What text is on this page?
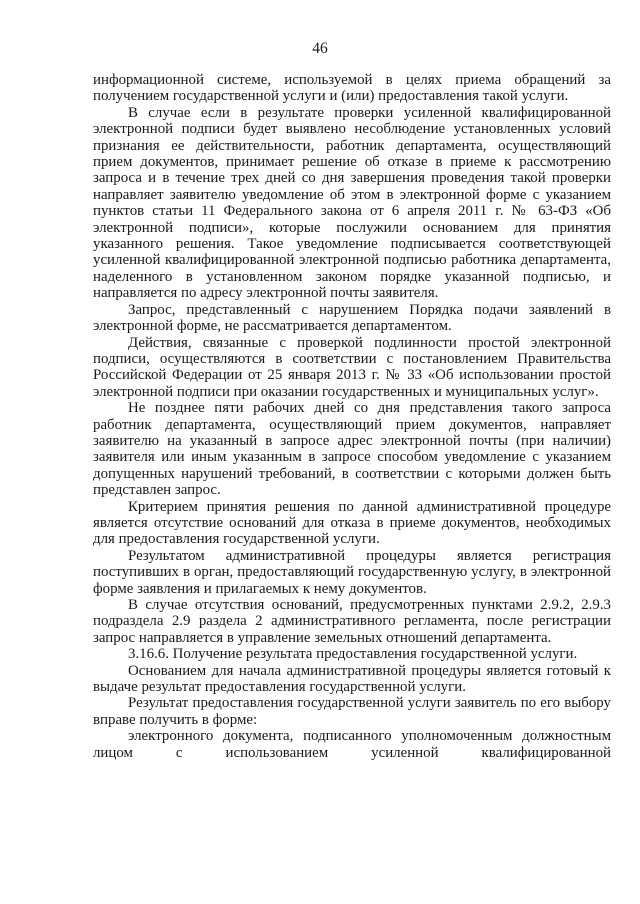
46

информационной системе, используемой в целях приема обращений за получением государственной услуги и (или) предоставления такой услуги.

В случае если в результате проверки усиленной квалифицированной электронной подписи будет выявлено несоблюдение установленных условий признания ее действительности, работник департамента, осуществляющий прием документов, принимает решение об отказе в приеме к рассмотрению запроса и в течение трех дней со дня завершения проведения такой проверки направляет заявителю уведомление об этом в электронной форме с указанием пунктов статьи 11 Федерального закона от 6 апреля 2011 г. № 63-ФЗ «Об электронной подписи», которые послужили основанием для принятия указанного решения. Такое уведомление подписывается соответствующей усиленной квалифицированной электронной подписью работника департамента, наделенного в установленном законом порядке указанной подписью, и направляется по адресу электронной почты заявителя.

Запрос, представленный с нарушением Порядка подачи заявлений в электронной форме, не рассматривается департаментом.

Действия, связанные с проверкой подлинности простой электронной подписи, осуществляются в соответствии с постановлением Правительства Российской Федерации от 25 января 2013 г. № 33 «Об использовании простой электронной подписи при оказании государственных и муниципальных услуг».

Не позднее пяти рабочих дней со дня представления такого запроса работник департамента, осуществляющий прием документов, направляет заявителю на указанный в запросе адрес электронной почты (при наличии) заявителя или иным указанным в запросе способом уведомление с указанием допущенных нарушений требований, в соответствии с которыми должен быть представлен запрос.

Критерием принятия решения по данной административной процедуре является отсутствие оснований для отказа в приеме документов, необходимых для предоставления государственной услуги.

Результатом административной процедуры является регистрация поступивших в орган, предоставляющий государственную услугу, в электронной форме заявления и прилагаемых к нему документов.

В случае отсутствия оснований, предусмотренных пунктами 2.9.2, 2.9.3 подраздела 2.9 раздела 2 административного регламента, после регистрации запрос направляется в управление земельных отношений департамента.

3.16.6. Получение результата предоставления государственной услуги.

Основанием для начала административной процедуры является готовый к выдаче результат предоставления государственной услуги.

Результат предоставления государственной услуги заявитель по его выбору вправе получить в форме:

электронного документа, подписанного уполномоченным должностным лицом с использованием усиленной квалифицированной
